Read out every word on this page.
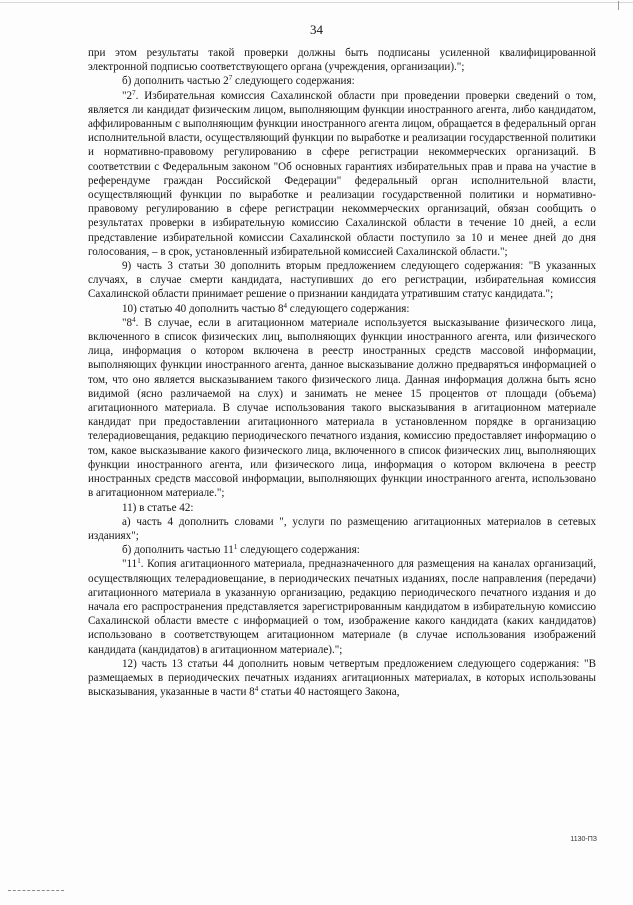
34

при этом результаты такой проверки должны быть подписаны усиленной квалифицированной электронной подписью соответствующего органа (учреждения, организации).";

б) дополнить частью $2^7$ следующего содержания:

"$2^7$. Избирательная комиссия Сахалинской области при проведении проверки сведений о том, является ли кандидат физическим лицом, выполняющим функции иностранного агента, либо кандидатом, аффилированным с выполняющим функции иностранного агента лицом, обращается в федеральный орган исполнительной власти, осуществляющий функции по выработке и реализации государственной политики и нормативно-правовому регулированию в сфере регистрации некоммерческих организаций. В соответствии с Федеральным законом "Об основных гарантиях избирательных прав и права на участие в референдуме граждан Российской Федерации" федеральный орган исполнительной власти, осуществляющий функции по выработке и реализации государственной политики и нормативно-правовому регулированию в сфере регистрации некоммерческих организаций, обязан сообщить о результатах проверки в избирательную комиссию Сахалинской области в течение 10 дней, а если представление избирательной комиссии Сахалинской области поступило за 10 и менее дней до дня голосования, – в срок, установленный избирательной комиссией Сахалинской области.";

9) часть 3 статьи 30 дополнить вторым предложением следующего содержания: "В указанных случаях, в случае смерти кандидата, наступивших до его регистрации, избирательная комиссия Сахалинской области принимает решение о признании кандидата утратившим статус кандидата.";

10) статью 40 дополнить частью $8^4$ следующего содержания:

"$8^4$. В случае, если в агитационном материале используется высказывание физического лица, включенного в список физических лиц, выполняющих функции иностранного агента, или физического лица, информация о котором включена в реестр иностранных средств массовой информации, выполняющих функции иностранного агента, данное высказывание должно предваряться информацией о том, что оно является высказыванием такого физического лица. Данная информация должна быть ясно видимой (ясно различаемой на слух) и занимать не менее 15 процентов от площади (объема) агитационного материала. В случае использования такого высказывания в агитационном материале кандидат при предоставлении агитационного материала в установленном порядке в организацию телерадиовещания, редакцию периодического печатного издания, комиссию предоставляет информацию о том, какое высказывание какого физического лица, включенного в список физических лиц, выполняющих функции иностранного агента, или физического лица, информация о котором включена в реестр иностранных средств массовой информации, выполняющих функции иностранного агента, использовано в агитационном материале.";

11) в статье 42:

а) часть 4 дополнить словами ", услуги по размещению агитационных материалов в сетевых изданиях";

б) дополнить частью $11^1$ следующего содержания:

"$11^1$. Копия агитационного материала, предназначенного для размещения на каналах организаций, осуществляющих телерадиовещание, в периодических печатных изданиях, после направления (передачи) агитационного материала в указанную организацию, редакцию периодического печатного издания и до начала его распространения представляется зарегистрированным кандидатом в избирательную комиссию Сахалинской области вместе с информацией о том, изображение какого кандидата (каких кандидатов) использовано в соответствующем агитационном материале (в случае использования изображений кандидата (кандидатов) в агитационном материале).";

12) часть 13 статьи 44 дополнить новым четвертым предложением следующего содержания: "В размещаемых в периодических печатных изданиях агитационных материалах, в которых использованы высказывания, указанные в части $8^4$ статьи 40 настоящего Закона,

1130-ПЗ
